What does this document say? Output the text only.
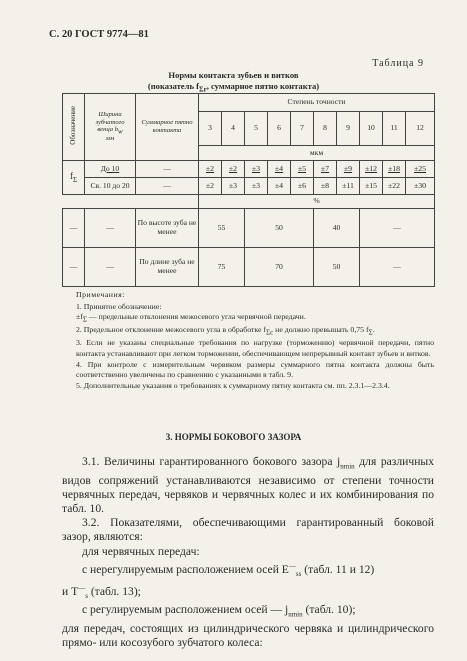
С. 20 ГОСТ 9774—81
Таблица 9
Нормы контакта зубьев и витков
(показатель $f_{\Sigma r}$, суммарное пятно контакта)
Обозначение	Ширина
зубчатого
венца $b_w$
мм	Суммарное пятно контакта	Степень точности									
			3	4	5	6	7	8	9	10	11	12
			мкм									
$f_\Sigma$	До 10	—	±2	±2	±3	±4	±5	±7	±9	±12	±18	±25
	Св. 10 до 20	—	±2	±3	±3	±4	±6	±8	±11	±15	±22	±30
			%									
—	—	По высоте зуба не менее	55		50			40		—		
—	—	По длине зуба не менее	75		70			50		—		

Примечания:

1. Принятое обозначение:

$\pm f_\Sigma$ — предельные отклонения межосевого угла червячной передачи.

2. Предельное отклонение межосевого угла в обработке $f_{\Sigma c}$ не должно превышать 0,75 $f_\Sigma$.

3. Если не указаны специальные требования по нагрузке (торможению) червячной передачи, пятно контакта устанавливают при легком торможении, обеспечивающем непрерывный контакт зубьев и витков.

4. При контроле с измерительным червяком размеры суммарного пятна контакта должны быть соответственно увеличены по сравнению с указанными в табл. 9.

5. Дополнительные указания о требованиях к суммарному пятну контакта см. пп. 2.3.1—2.3.4.

3. НОРМЫ БОКОВОГО ЗАЗОРА

3.1. Величины гарантированного бокового зазора $j_{nmin}$ для различных видов сопряжений устанавливаются независимо от степени точности червячных передач, червяков и червячных колес и их комбинирования по табл. 10.

3.2. Показателями, обеспечивающими гарантированный боковой зазор, являются:

для червячных передач:

с нерегулируемым расположением осей $E^—_{ss}$ (табл. 11 и 12)

и $T^—_s$ (табл. 13);

с регулируемым расположением осей — $j_{nmin}$ (табл. 10);

для передач, состоящих из цилиндрического червяка и цилиндрического прямо- или косозубого зубчатого колеса:
